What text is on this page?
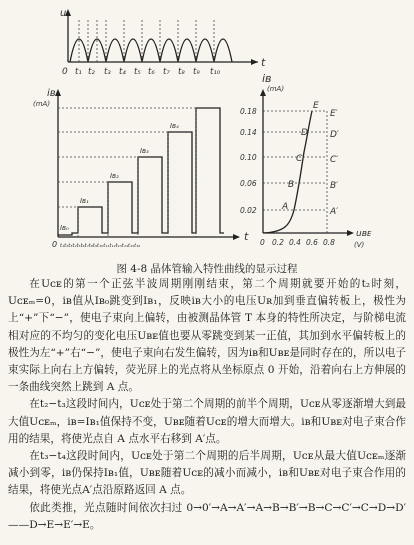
u
t
0 t₁ t₂ t₃ t₄ t₅ t₆ t₇ t₈ t₉ t₁₀
iʙ
(mA)
t
0 t₁t₂t₃t₄t₅t₆t₇t₈t₉t₁₀t₁₁t₁₂t₁₃t₁₄t₁₅t₁₆
Iʙ₀
Iʙ₁
Iʙ₂
Iʙ₃
Iʙ₄
iʙ
(mA)
0.18
0.14
0.10
0.06
0.02
0 0.2 0.4 0.6 0.8
uʙᴇ
(V)
E
D
C
B
A
E′
D′
C′
B′
A′
图 4-8 晶体管输入特性曲线的显示过程

在Uᴄᴇ的第一个正弦半波周期刚刚结束，第二个周期就要开始的t₂时刻，Uᴄᴇₘ=0，iʙ值从Iʙ₀跳变到Iʙ₁，反映iʙ大小的电压Uʀ加到垂直偏转板上，极性为上“+”下“−”，使电子束向上偏转，由被测晶体管 T 本身的特性所决定，与阶梯电流相对应的不均匀的变化电压Uʙᴇ值也要从零跳变到某一正值，其加到水平偏转板上的极性为左“+”右“−”，使电子束向右发生偏转，因为iʙ和Uʙᴇ是同时存在的，所以电子束实际上向右上方偏转，荧光屏上的光点将从坐标原点 0 开始，沿着向右上方伸展的一条曲线突然上跳到 A 点。

在t₂−t₃这段时间内，Uᴄᴇ处于第二个周期的前半个周期，Uᴄᴇ从零逐渐增大到最大值Uᴄᴇₘ，iʙ=Iʙ₁值保持不变，Uʙᴇ随着Uᴄᴇ的增大而增大。iʙ和Uʙᴇ对电子束合作用的结果，将使光点自 A 点水平右移到 A′点。

在t₃−t₄这段时间内，Uᴄᴇ处于第二个周期的后半周期，Uᴄᴇ从最大值Uᴄᴇₘ逐渐减小到零，iʙ仍保持Iʙ₁值，Uʙᴇ随着Uᴄᴇ的减小而减小，iʙ和Uʙᴇ对电子束合作用的结果，将使光点A′点沿原路返回 A 点。

依此类推，光点随时间依次扫过 0→0′→A→A′→A→B→B′→B→C→C′→C→D→D′——D→E→E′→E。
